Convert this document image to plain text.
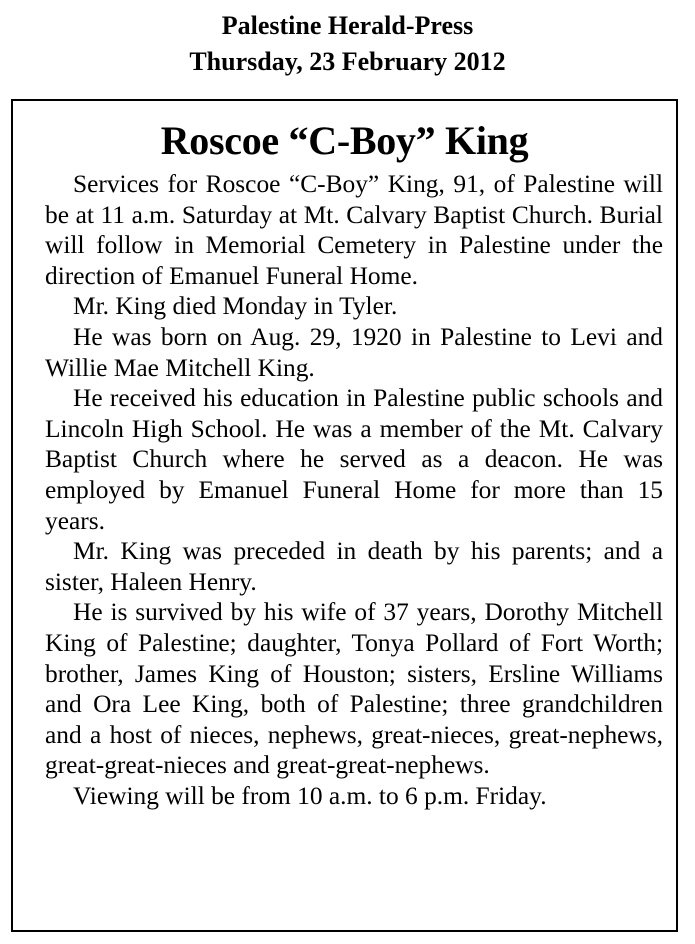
Palestine Herald-Press
Thursday, 23 February 2012
Roscoe “C-Boy” King

Services for Roscoe “C-Boy” King, 91, of Palestine will be at 11 a.m. Saturday at Mt. Calvary Baptist Church. Burial will follow in Memorial Cemetery in Palestine under the direction of Emanuel Funeral Home.

Mr. King died Monday in Tyler.

He was born on Aug. 29, 1920 in Palestine to Levi and Willie Mae Mitchell King.

He received his education in Palestine public schools and Lincoln High School. He was a member of the Mt. Calvary Baptist Church where he served as a deacon. He was employed by Emanuel Funeral Home for more than 15 years.

Mr. King was preceded in death by his parents; and a sister, Haleen Henry.

He is survived by his wife of 37 years, Dorothy Mitchell King of Palestine; daughter, Tonya Pollard of Fort Worth; brother, James King of Houston; sisters, Ersline Williams and Ora Lee King, both of Palestine; three grandchildren and a host of nieces, nephews, great-nieces, great-nephews, great-great-nieces and great-great-nephews.

Viewing will be from 10 a.m. to 6 p.m. Friday.
